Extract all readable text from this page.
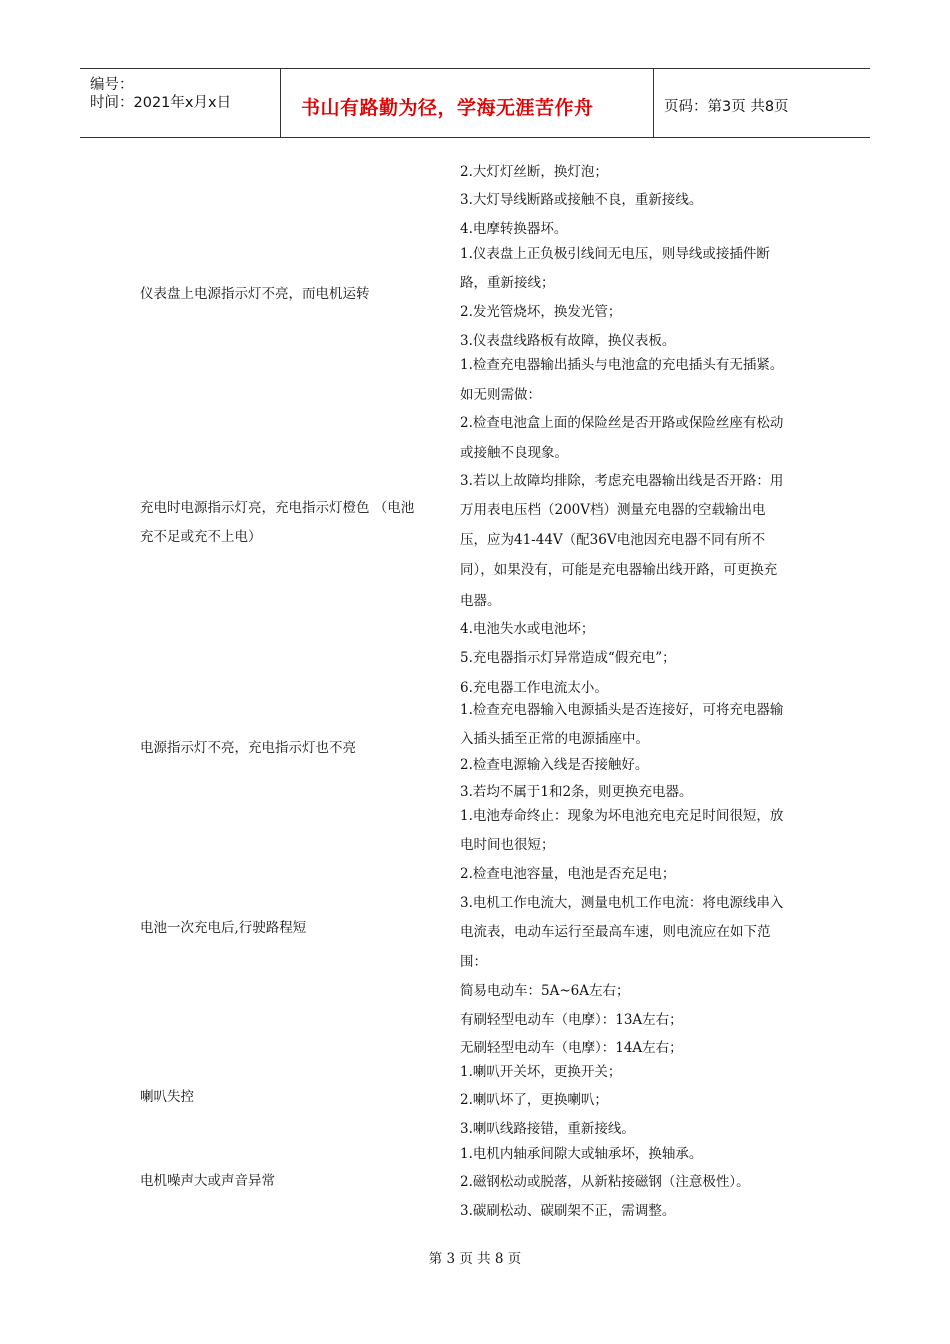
编号：
时间：2021年x月x日	书山有路勤为径，学海无涯苦作舟	页码：第3页 共8页
仪表盘上电源指示灯不亮，而电机运转
充电时电源指示灯亮，充电指示灯橙色 （电池
充不足或充不上电）
电源指示灯不亮，充电指示灯也不亮
电池一次充电后,行驶路程短
喇叭失控
电机噪声大或声音异常
2.大灯灯丝断，换灯泡；
3.大灯导线断路或接触不良，重新接线。
4.电摩转换器坏。
1.仪表盘上正负极引线间无电压，则导线或接插件断
路，重新接线；
2.发光管烧坏，换发光管；
3.仪表盘线路板有故障，换仪表板。
1.检查充电器输出插头与电池盒的充电插头有无插紧。
如无则需做：
2.检查电池盒上面的保险丝是否开路或保险丝座有松动
或接触不良现象。
3.若以上故障均排除，考虑充电器输出线是否开路：用
万用表电压档（200V档）测量充电器的空载输出电
压，应为41-44V（配36V电池因充电器不同有所不
同），如果没有，可能是充电器输出线开路，可更换充
电器。
4.电池失水或电池坏；
5.充电器指示灯异常造成“假充电”；
6.充电器工作电流太小。
1.检查充电器输入电源插头是否连接好，可将充电器输
入插头插至正常的电源插座中。
2.检查电源输入线是否接触好。
3.若均不属于1和2条，则更换充电器。
1.电池寿命终止：现象为坏电池充电充足时间很短，放
电时间也很短；
2.检查电池容量，电池是否充足电；
3.电机工作电流大，测量电机工作电流：将电源线串入
电流表，电动车运行至最高车速，则电流应在如下范
围：
简易电动车：5A~6A左右；
有刷轻型电动车（电摩）：13A左右；
无刷轻型电动车（电摩）：14A左右；
1.喇叭开关坏，更换开关；
2.喇叭坏了，更换喇叭；
3.喇叭线路接错，重新接线。
1.电机内轴承间隙大或轴承坏，换轴承。
2.磁钢松动或脱落，从新粘接磁钢（注意极性）。
3.碳刷松动、碳刷架不正，需调整。
第 3 页 共 8 页
